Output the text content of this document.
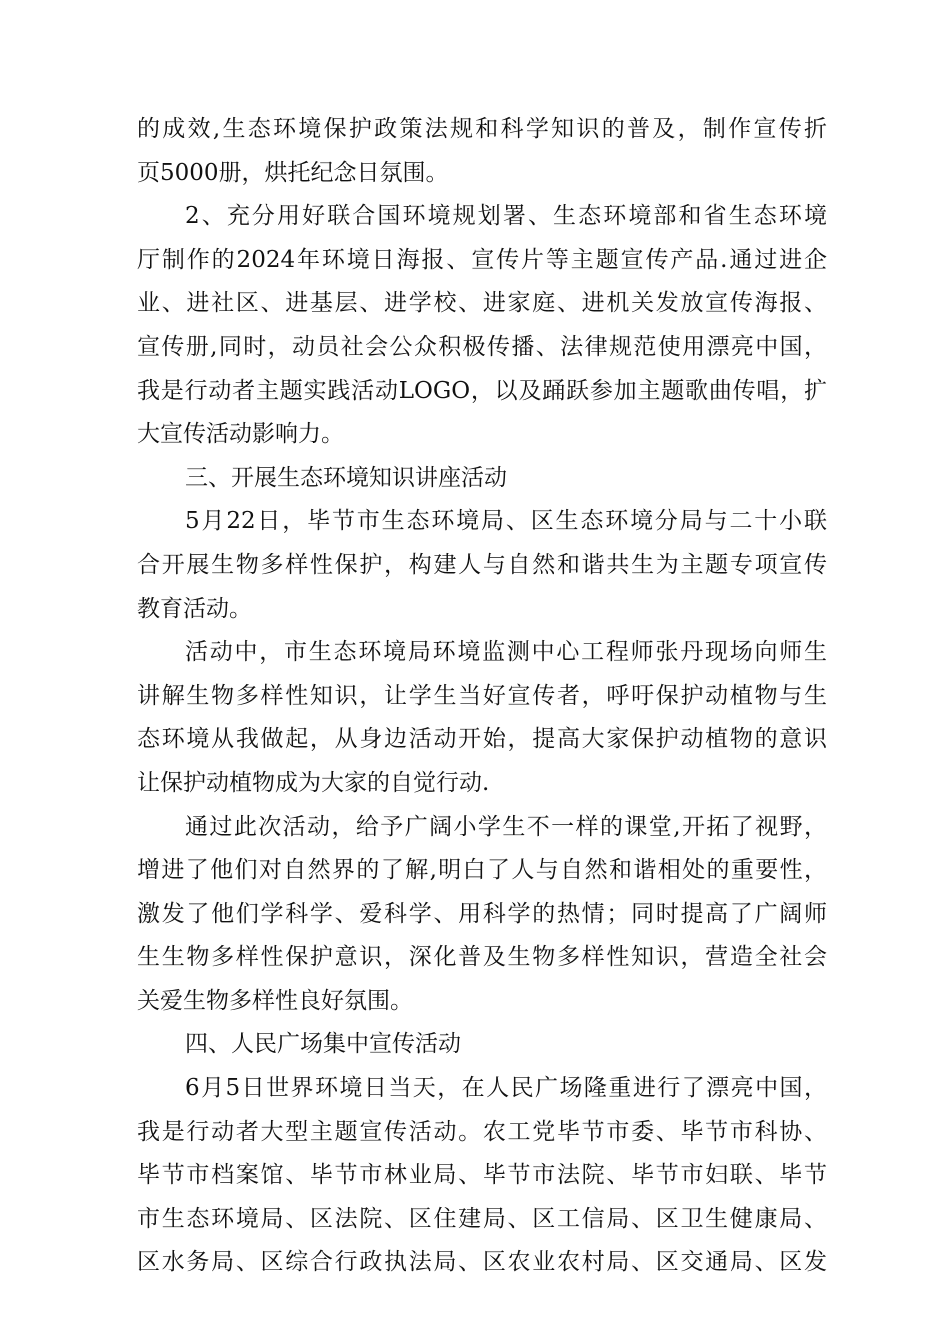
的成效,生态环境保护政策法规和科学知识的普及，制作宣传折
页5000册，烘托纪念日氛围。
2、充分用好联合国环境规划署、生态环境部和省生态环境
厅制作的2024年环境日海报、宣传片等主题宣传产品.通过进企
业、进社区、进基层、进学校、进家庭、进机关发放宣传海报、
宣传册,同时，动员社会公众积极传播、法律规范使用漂亮中国，
我是行动者主题实践活动LOGO，以及踊跃参加主题歌曲传唱，扩
大宣传活动影响力。
三、开展生态环境知识讲座活动
5月22日，毕节市生态环境局、区生态环境分局与二十小联
合开展生物多样性保护，构建人与自然和谐共生为主题专项宣传
教育活动。
活动中，市生态环境局环境监测中心工程师张丹现场向师生
讲解生物多样性知识，让学生当好宣传者，呼吁保护动植物与生
态环境从我做起，从身边活动开始，提高大家保护动植物的意识
让保护动植物成为大家的自觉行动.
通过此次活动，给予广阔小学生不一样的课堂,开拓了视野，
增进了他们对自然界的了解,明白了人与自然和谐相处的重要性，
激发了他们学科学、爱科学、用科学的热情；同时提高了广阔师
生生物多样性保护意识，深化普及生物多样性知识，营造全社会
关爱生物多样性良好氛围。
四、人民广场集中宣传活动
6月5日世界环境日当天，在人民广场隆重进行了漂亮中国，
我是行动者大型主题宣传活动。农工党毕节市委、毕节市科协、
毕节市档案馆、毕节市林业局、毕节市法院、毕节市妇联、毕节
市生态环境局、区法院、区住建局、区工信局、区卫生健康局、
区水务局、区综合行政执法局、区农业农村局、区交通局、区发
